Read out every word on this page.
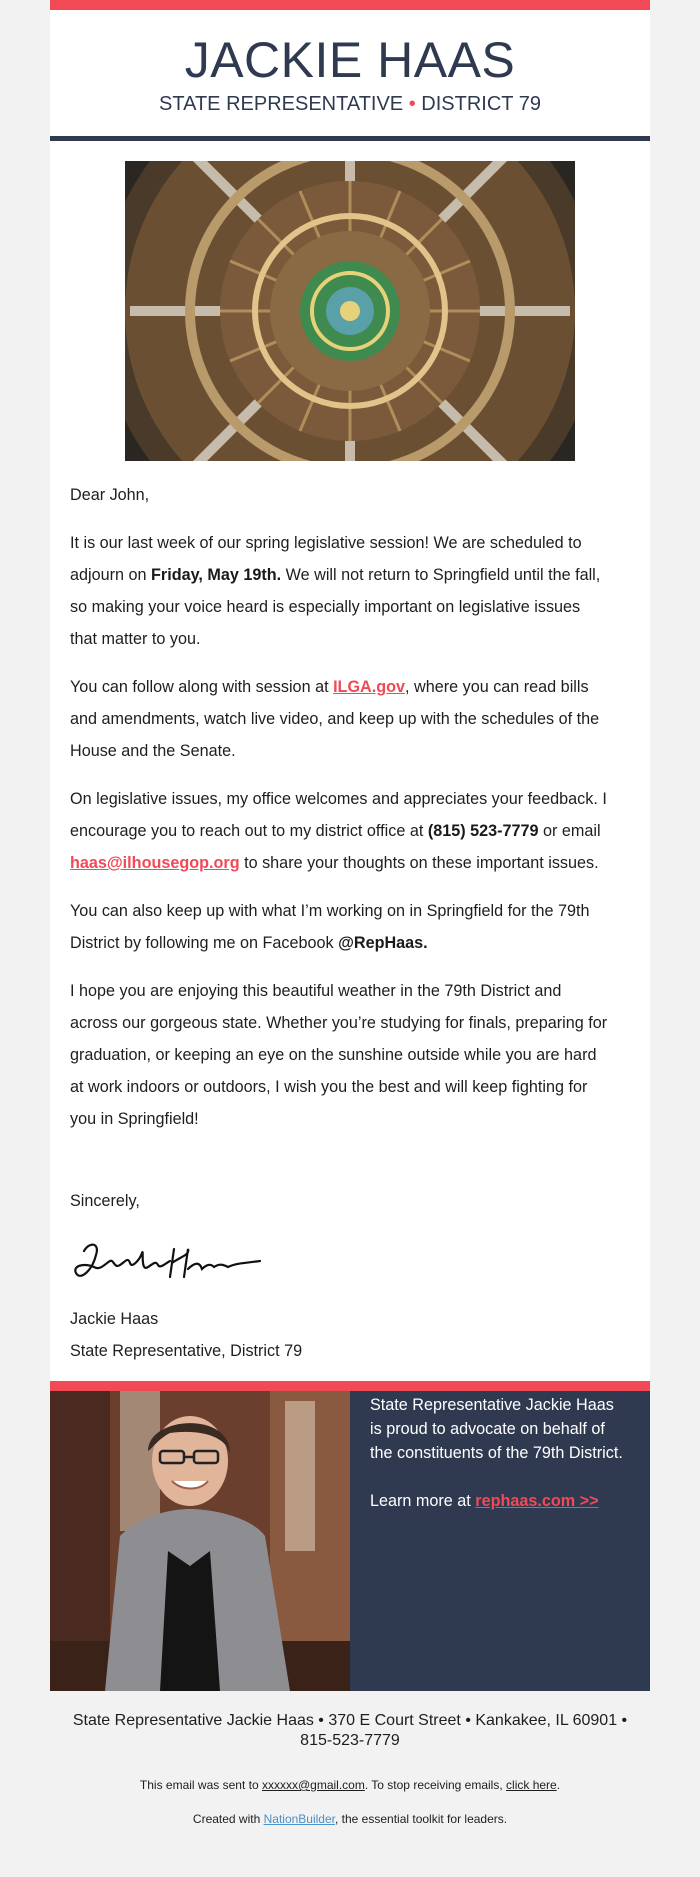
JACKIE HAAS
STATE REPRESENTATIVE • DISTRICT 79

Dear John,

It is our last week of our spring legislative session! We are scheduled to adjourn on Friday, May 19th. We will not return to Springfield until the fall, so making your voice heard is especially important on legislative issues that matter to you.

You can follow along with session at ILGA.gov, where you can read bills and amendments, watch live video, and keep up with the schedules of the House and the Senate.

On legislative issues, my office welcomes and appreciates your feedback. I encourage you to reach out to my district office at (815) 523-7779 or email haas@ilhousegop.org to share your thoughts on these important issues.

You can also keep up with what I’m working on in Springfield for the 79th District by following me on Facebook @RepHaas.

I hope you are enjoying this beautiful weather in the 79th District and across our gorgeous state. Whether you’re studying for finals, preparing for graduation, or keeping an eye on the sunshine outside while you are hard at work indoors or outdoors, I wish you the best and will keep fighting for you in Springfield!

Sincerely,

Jackie Haas
State Representative, District 79

State Representative Jackie Haas is proud to advocate on behalf of the constituents of the 79th District.

Learn more at rephaas.com >>

State Representative Jackie Haas • 370 E Court Street • Kankakee, IL 60901 • 815-523-7779
This email was sent to xxxxxx@gmail.com. To stop receiving emails, click here.
Created with NationBuilder, the essential toolkit for leaders.
